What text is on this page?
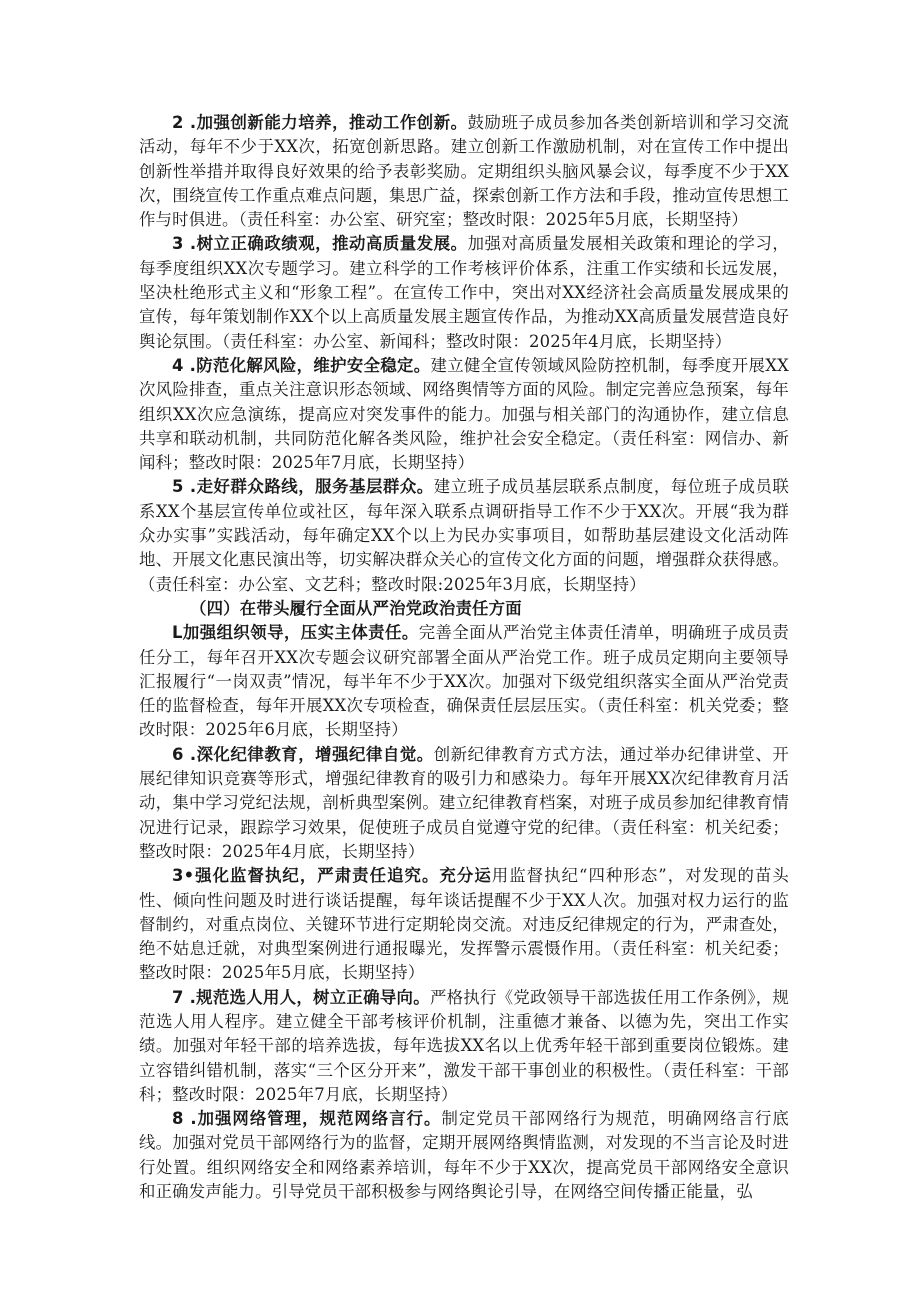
2 .加强创新能力培养，推动工作创新。鼓励班子成员参加各类创新培训和学习交流活动，每年不少于XX次，拓宽创新思路。建立创新工作激励机制，对在宣传工作中提出创新性举措并取得良好效果的给予表彰奖励。定期组织头脑风暴会议，每季度不少于XX次，围绕宣传工作重点难点问题，集思广益，探索创新工作方法和手段，推动宣传思想工作与时俱进。（责任科室：办公室、研究室；整改时限：2025年5月底，长期坚持）

3 .树立正确政绩观，推动高质量发展。加强对高质量发展相关政策和理论的学习，每季度组织XX次专题学习。建立科学的工作考核评价体系，注重工作实绩和长远发展，坚决杜绝形式主义和“形象工程”。在宣传工作中，突出对XX经济社会高质量发展成果的宣传，每年策划制作XX个以上高质量发展主题宣传作品，为推动XX高质量发展营造良好舆论氛围。（责任科室：办公室、新闻科；整改时限：2025年4月底，长期坚持）

4 .防范化解风险，维护安全稳定。建立健全宣传领域风险防控机制，每季度开展XX次风险排查，重点关注意识形态领域、网络舆情等方面的风险。制定完善应急预案，每年组织XX次应急演练，提高应对突发事件的能力。加强与相关部门的沟通协作，建立信息共享和联动机制，共同防范化解各类风险，维护社会安全稳定。（责任科室：网信办、新闻科；整改时限：2025年7月底，长期坚持）

5 .走好群众路线，服务基层群众。建立班子成员基层联系点制度，每位班子成员联系XX个基层宣传单位或社区，每年深入联系点调研指导工作不少于XX次。开展“我为群众办实事”实践活动，每年确定XX个以上为民办实事项目，如帮助基层建设文化活动阵地、开展文化惠民演出等，切实解决群众关心的宣传文化方面的问题，增强群众获得感。（责任科室：办公室、文艺科；整改时限:2025年3月底，长期坚持）

（四）在带头履行全面从严治党政治责任方面

L加强组织领导，压实主体责任。完善全面从严治党主体责任清单，明确班子成员责任分工，每年召开XX次专题会议研究部署全面从严治党工作。班子成员定期向主要领导汇报履行“一岗双责”情况，每半年不少于XX次。加强对下级党组织落实全面从严治党责任的监督检查，每年开展XX次专项检查，确保责任层层压实。（责任科室：机关党委；整改时限：2025年6月底，长期坚持）

6 .深化纪律教育，增强纪律自觉。创新纪律教育方式方法，通过举办纪律讲堂、开展纪律知识竞赛等形式，增强纪律教育的吸引力和感染力。每年开展XX次纪律教育月活动，集中学习党纪法规，剖析典型案例。建立纪律教育档案，对班子成员参加纪律教育情况进行记录，跟踪学习效果，促使班子成员自觉遵守党的纪律。（责任科室：机关纪委；整改时限：2025年4月底，长期坚持）

3•强化监督执纪，严肃责任追究。充分运用监督执纪“四种形态”，对发现的苗头性、倾向性问题及时进行谈话提醒，每年谈话提醒不少于XX人次。加强对权力运行的监督制约，对重点岗位、关键环节进行定期轮岗交流。对违反纪律规定的行为，严肃查处，绝不姑息迁就，对典型案例进行通报曝光，发挥警示震慑作用。（责任科室：机关纪委；整改时限：2025年5月底，长期坚持）

7 .规范选人用人，树立正确导向。严格执行《党政领导干部选拔任用工作条例》，规范选人用人程序。建立健全干部考核评价机制，注重德才兼备、以德为先，突出工作实绩。加强对年轻干部的培养选拔，每年选拔XX名以上优秀年轻干部到重要岗位锻炼。建立容错纠错机制，落实“三个区分开来”，激发干部干事创业的积极性。（责任科室：干部科；整改时限：2025年7月底，长期坚持）

8 .加强网络管理，规范网络言行。制定党员干部网络行为规范，明确网络言行底线。加强对党员干部网络行为的监督，定期开展网络舆情监测，对发现的不当言论及时进行处置。组织网络安全和网络素养培训，每年不少于XX次，提高党员干部网络安全意识和正确发声能力。引导党员干部积极参与网络舆论引导，在网络空间传播正能量，弘
